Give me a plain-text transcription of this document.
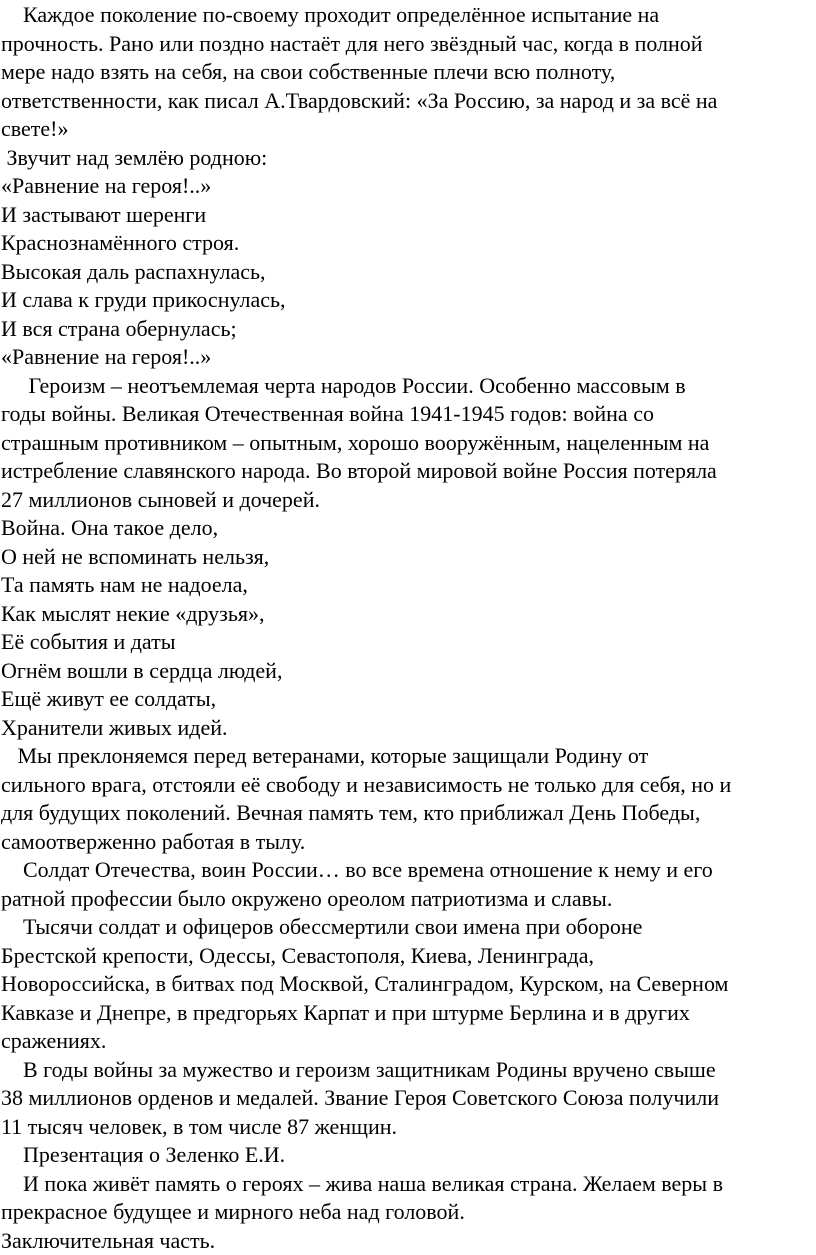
Каждое поколение по-своему проходит определённое испытание на
прочность. Рано или поздно настаёт для него звёздный час, когда в полной
мере надо взять на себя, на свои собственные плечи всю полноту,
ответственности, как писал А.Твардовский: «За Россию, за народ и за всё на
свете!»
Звучит над землёю родною:
«Равнение на героя!..»
И застывают шеренги
Краснознамённого строя.
Высокая даль распахнулась,
И слава к груди прикоснулась,
И вся страна обернулась;
«Равнение на героя!..»
Героизм – неотъемлемая черта народов России. Особенно массовым в
годы войны. Великая Отечественная война 1941-1945 годов: война со
страшным противником – опытным, хорошо вооружённым, нацеленным на
истребление славянского народа. Во второй мировой войне Россия потеряла
27 миллионов сыновей и дочерей.
Война. Она такое дело,
О ней не вспоминать нельзя,
Та память нам не надоела,
Как мыслят некие «друзья»,
Её события и даты
Огнём вошли в сердца людей,
Ещё живут ее солдаты,
Хранители живых идей.
Мы преклоняемся перед ветеранами, которые защищали Родину от
сильного врага, отстояли её свободу и независимость не только для себя, но и
для будущих поколений. Вечная память тем, кто приближал День Победы,
самоотверженно работая в тылу.
Солдат Отечества, воин России… во все времена отношение к нему и его
ратной профессии было окружено ореолом патриотизма и славы.
Тысячи солдат и офицеров обессмертили свои имена при обороне
Брестской крепости, Одессы, Севастополя, Киева, Ленинграда,
Новороссийска, в битвах под Москвой, Сталинградом, Курском, на Северном
Кавказе и Днепре, в предгорьях Карпат и при штурме Берлина и в других
сражениях.
В годы войны за мужество и героизм защитникам Родины вручено свыше
38 миллионов орденов и медалей. Звание Героя Советского Союза получили
11 тысяч человек, в том числе 87 женщин.
Презентация о Зеленко Е.И.
И пока живёт память о героях – жива наша великая страна. Желаем веры в
прекрасное будущее и мирного неба над головой.
Заключительная часть.
